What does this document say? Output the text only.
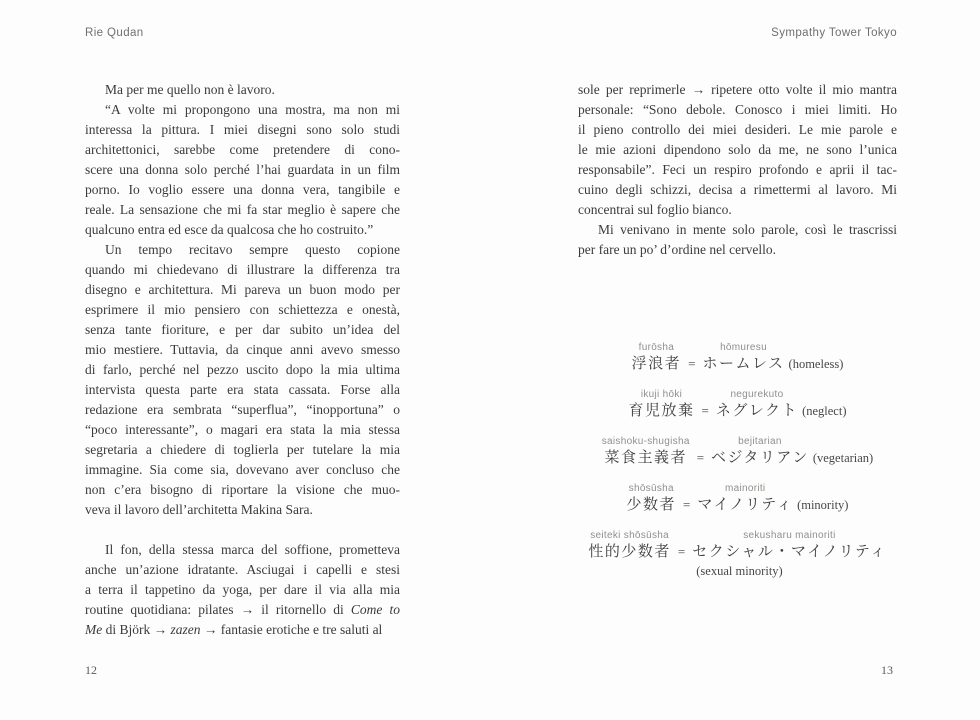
Rie Qudan	Sympathy Tower Tokyo
Ma per me quello non è lavoro.
“A volte mi propongono una mostra, ma non mi
interessa la pittura. I miei disegni sono solo studi
architettonici, sarebbe come pretendere di cono-
scere una donna solo perché l’hai guardata in un film
porno. Io voglio essere una donna vera, tangibile e
reale. La sensazione che mi fa star meglio è sapere che
qualcuno entra ed esce da qualcosa che ho costruito.”
Un tempo recitavo sempre questo copione
quando mi chiedevano di illustrare la differenza tra
disegno e architettura. Mi pareva un buon modo per
esprimere il mio pensiero con schiettezza e onestà,
senza tante fioriture, e per dar subito un’idea del
mio mestiere. Tuttavia, da cinque anni avevo smesso
di farlo, perché nel pezzo uscito dopo la mia ultima
intervista questa parte era stata cassata. Forse alla
redazione era sembrata “superflua”, “inopportuna” o
“poco interessante”, o magari era stata la mia stessa
segretaria a chiedere di toglierla per tutelare la mia
immagine. Sia come sia, dovevano aver concluso che
non c’era bisogno di riportare la visione che muo-
veva il lavoro dell’architetta Makina Sara.
Il fon, della stessa marca del soffione, prometteva
anche un’azione idratante. Asciugai i capelli e stesi
a terra il tappetino da yoga, per dare il via alla mia
routine quotidiana: pilates → il ritornello di Come to
Me di Björk → zazen → fantasie erotiche e tre saluti al
sole per reprimerle → ripetere otto volte il mio mantra
personale: “Sono debole. Conosco i miei limiti. Ho
il pieno controllo dei miei desideri. Le mie parole e
le mie azioni dipendono solo da me, ne sono l’unica
responsabile”. Feci un respiro profondo e aprii il tac-
cuino degli schizzi, decisa a rimettermi al lavoro. Mi
concentrai sul foglio bianco.
Mi venivano in mente solo parole, così le trascrissi
per fare un po’ d’ordine nel cervello.
furōsha
浮浪者 =
hōmuresu
ホームレス (homeless)
ikuji hōki
育児放棄 =
negurekuto
ネグレクト (neglect)
saishoku-shugisha
菜食主義者 =
bejitarian
ベジタリアン (vegetarian)
shōsūsha
少数者 =
mainoriti
マイノリティ (minority)
seiteki shōsūsha
性的少数者 =
sekusharu mainoriti
セクシャル・マイノリティ
(sexual minority)
12	13
